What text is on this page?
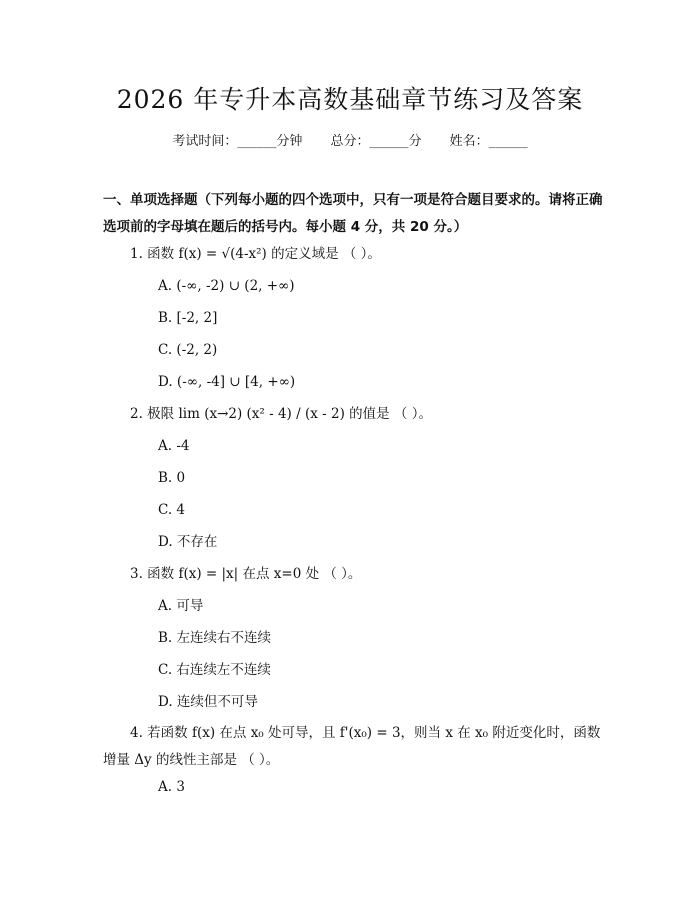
2026 年专升本高数基础章节练习及答案
考试时间：______分钟 总分：______分 姓名：______
一、单项选择题（下列每小题的四个选项中，只有一项是符合题目要求的。请将正确选项前的字母填在题后的括号内。每小题 4 分，共 20 分。）
1. 函数 f(x) = √(4-x²) 的定义域是 （ ）。
A. (-∞, -2) ∪ (2, +∞)
B. [-2, 2]
C. (-2, 2)
D. (-∞, -4] ∪ [4, +∞)
2. 极限 lim (x→2) (x² - 4) / (x - 2) 的值是 （ ）。
A. -4
B. 0
C. 4
D. 不存在
3. 函数 f(x) = |x| 在点 x=0 处 （ ）。
A. 可导
B. 左连续右不连续
C. 右连续左不连续
D. 连续但不可导
4. 若函数 f(x) 在点 x₀ 处可导，且 f'(x₀) = 3，则当 x 在 x₀ 附近变化时，函数增量 Δy 的线性主部是 （ ）。
A. 3
